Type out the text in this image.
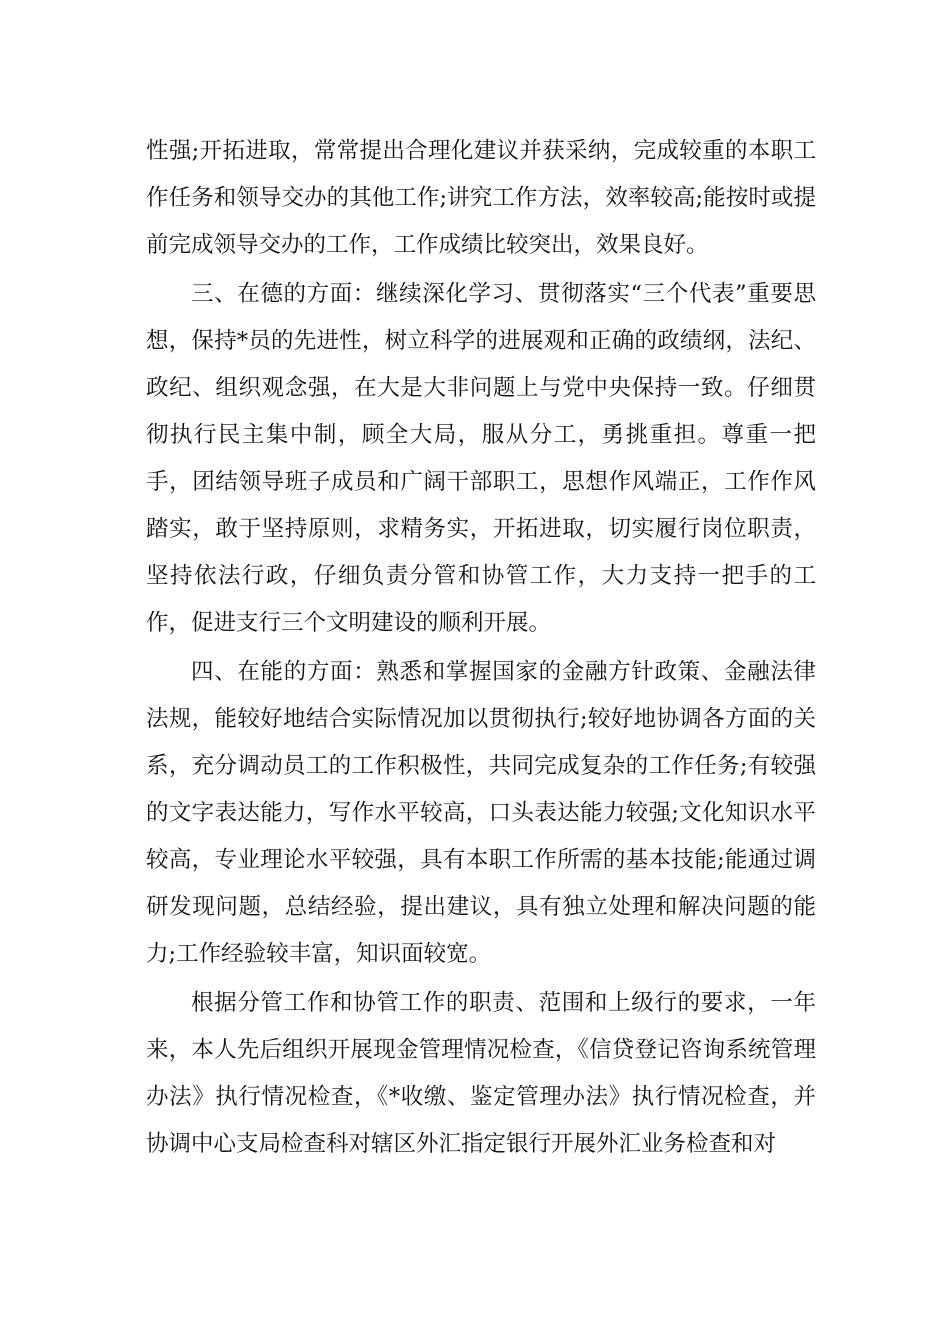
性强;开拓进取，常常提出合理化建议并获采纳，完成较重的本职工作任务和领导交办的其他工作;讲究工作方法，效率较高;能按时或提前完成领导交办的工作，工作成绩比较突出，效果良好。

三、在德的方面：继续深化学习、贯彻落实“三个代表”重要思想，保持*员的先进性，树立科学的进展观和正确的政绩纲，法纪、政纪、组织观念强，在大是大非问题上与党中央保持一致。仔细贯彻执行民主集中制，顾全大局，服从分工，勇挑重担。尊重一把手，团结领导班子成员和广阔干部职工，思想作风端正，工作作风踏实，敢于坚持原则，求精务实，开拓进取，切实履行岗位职责，坚持依法行政，仔细负责分管和协管工作，大力支持一把手的工作，促进支行三个文明建设的顺利开展。

四、在能的方面：熟悉和掌握国家的金融方针政策、金融法律法规，能较好地结合实际情况加以贯彻执行;较好地协调各方面的关系，充分调动员工的工作积极性，共同完成复杂的工作任务;有较强的文字表达能力，写作水平较高，口头表达能力较强;文化知识水平较高，专业理论水平较强，具有本职工作所需的基本技能;能通过调研发现问题，总结经验，提出建议，具有独立处理和解决问题的能力;工作经验较丰富，知识面较宽。

根据分管工作和协管工作的职责、范围和上级行的要求，一年来，本人先后组织开展现金管理情况检查，《信贷登记咨询系统管理办法》执行情况检查，《*收缴、鉴定管理办法》执行情况检查，并协调中心支局检查科对辖区外汇指定银行开展外汇业务检查和对
